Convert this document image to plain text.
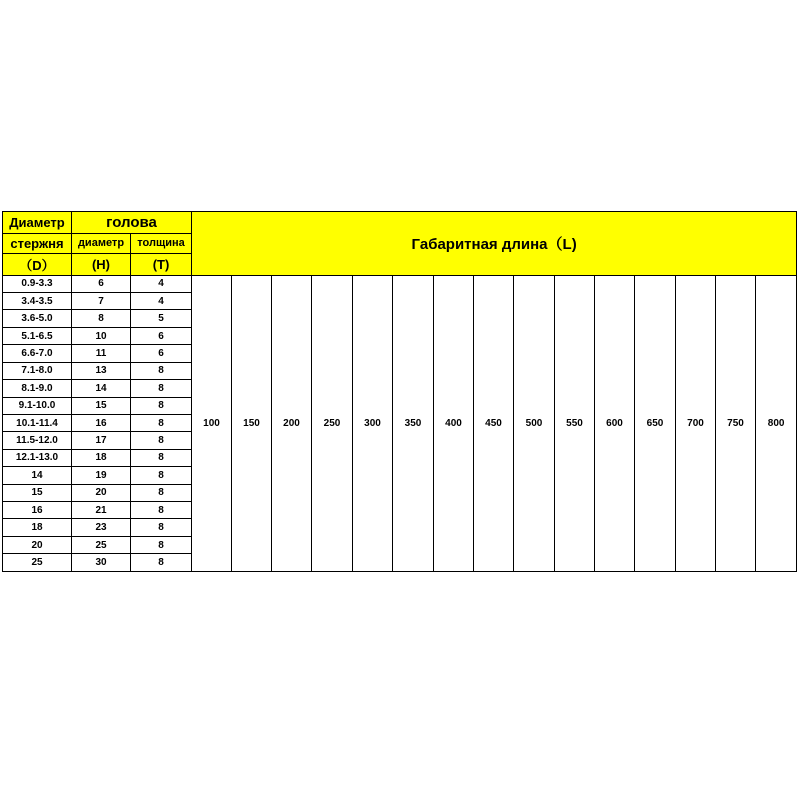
Диаметр	голова		Габаритная длина（L)														
стержня	диаметр	толщина															
（D）	(H)	(T)															
0.9-3.3	6	4	100	150	200	250	300	350	400	450	500	550	600	650	700	750	800
3.4-3.5	7	4															
3.6-5.0	8	5															
5.1-6.5	10	6															
6.6-7.0	11	6															
7.1-8.0	13	8															
8.1-9.0	14	8															
9.1-10.0	15	8															
10.1-11.4	16	8															
11.5-12.0	17	8															
12.1-13.0	18	8															
14	19	8															
15	20	8															
16	21	8															
18	23	8															
20	25	8															
25	30	8															
